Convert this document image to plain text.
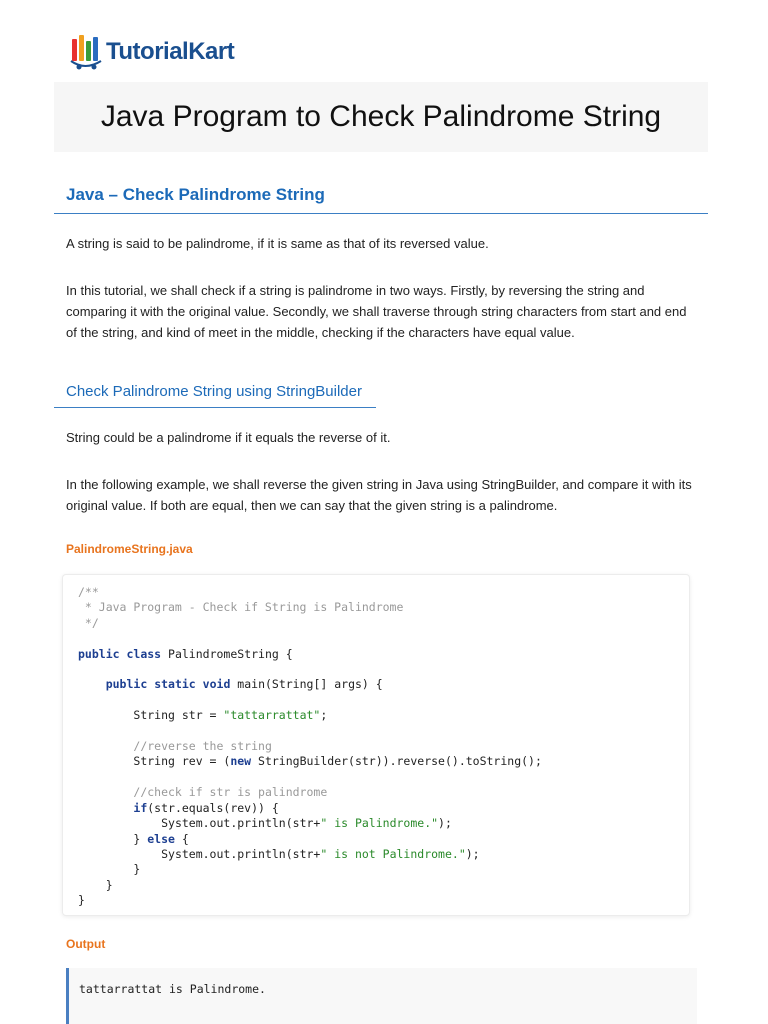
TutorialKart
Java Program to Check Palindrome String
Java – Check Palindrome String

A string is said to be palindrome, if it is same as that of its reversed value.

In this tutorial, we shall check if a string is palindrome in two ways. Firstly, by reversing the string and comparing it with the original value. Secondly, we shall traverse through string characters from start and end of the string, and kind of meet in the middle, checking if the characters have equal value.

Check Palindrome String using StringBuilder

String could be a palindrome if it equals the reverse of it.

In the following example, we shall reverse the given string in Java using StringBuilder, and compare it with its original value. If both are equal, then we can say that the given string is a palindrome.

PalindromeString.java

/**
* Java Program - Check if String is Palindrome
*/

public class PalindromeString {

public static void main(String[] args) {

String str = "tattarrattat";

//reverse the string
String rev = (new StringBuilder(str)).reverse().toString();

//check if str is palindrome
if(str.equals(rev)) {
System.out.println(str+" is Palindrome.");
} else {
System.out.println(str+" is not Palindrome.");
}
}
}

Output

tattarrattat is Palindrome.
